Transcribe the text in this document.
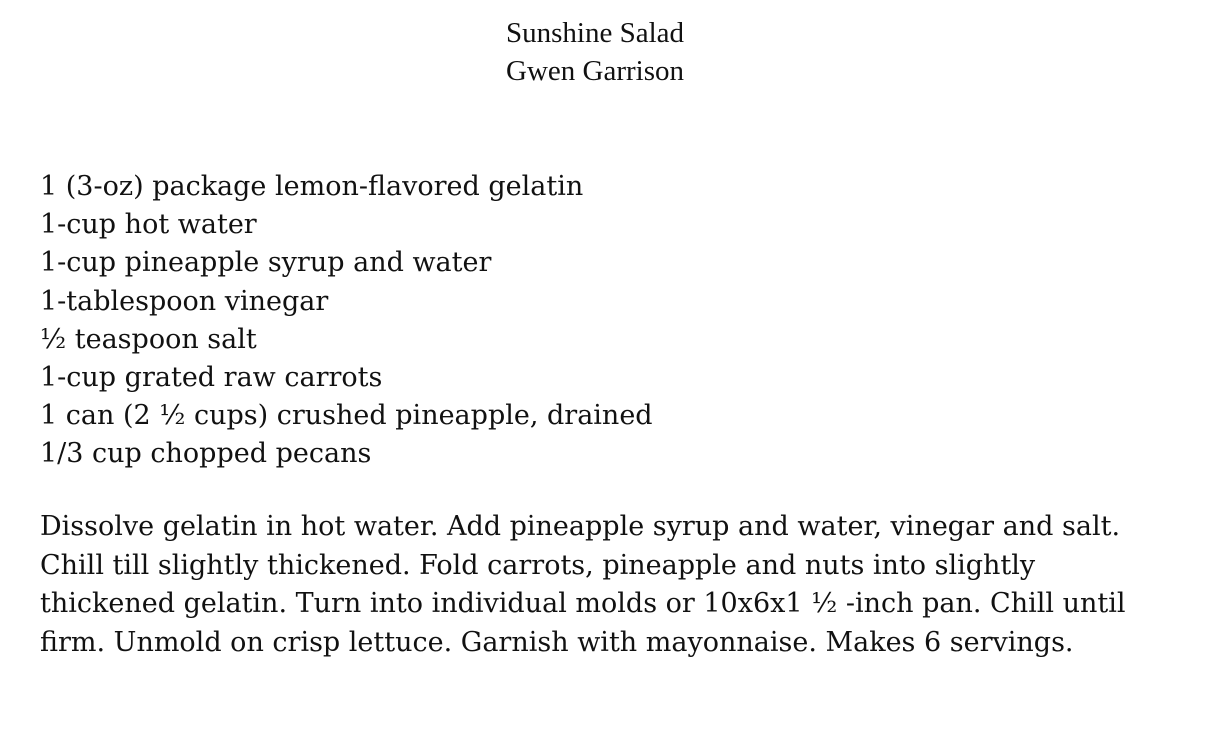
Sunshine Salad
Gwen Garrison
1 (3-oz) package lemon-flavored gelatin
1-cup hot water
1-cup pineapple syrup and water
1-tablespoon vinegar
½ teaspoon salt
1-cup grated raw carrots
1 can (2 ½ cups) crushed pineapple, drained
1/3 cup chopped pecans

Dissolve gelatin in hot water. Add pineapple syrup and water, vinegar and salt. Chill till slightly thickened. Fold carrots, pineapple and nuts into slightly thickened gelatin. Turn into individual molds or 10x6x1 ½ -inch pan. Chill until firm. Unmold on crisp lettuce. Garnish with mayonnaise. Makes 6 servings.
